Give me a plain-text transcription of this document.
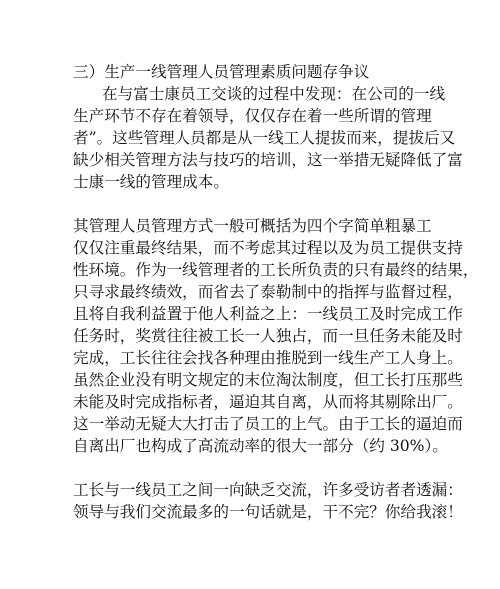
三）生产一线管理人员管理素质问题存争议
在与富士康员工交谈的过程中发现：在公司的一线
生产环节不存在着领导，仅仅存在着一些所谓的管理
者”。这些管理人员都是从一线工人提拔而来，提拔后又
缺少相关管理方法与技巧的培训，这一举措无疑降低了富
士康一线的管理成本。
其管理人员管理方式一般可概括为四个字简单粗暴工
仅仅注重最终结果，而不考虑其过程以及为员工提供支持
性环境。作为一线管理者的工长所负责的只有最终的结果，
只寻求最终绩效，而省去了泰勒制中的指挥与监督过程，
且将自我利益置于他人利益之上：一线员工及时完成工作
任务时，奖赏往往被工长一人独占，而一旦任务未能及时
完成，工长往往会找各种理由推脱到一线生产工人身上。
虽然企业没有明文规定的末位淘汰制度，但工长打压那些
未能及时完成指标者，逼迫其自离，从而将其剔除出厂。
这一举动无疑大大打击了员工的上气。由于工长的逼迫而
自离出厂也构成了高流动率的很大一部分（约 30%）。
工长与一线员工之间一向缺乏交流，许多受访者者透漏：
领导与我们交流最多的一句话就是，干不完？你给我滚！
